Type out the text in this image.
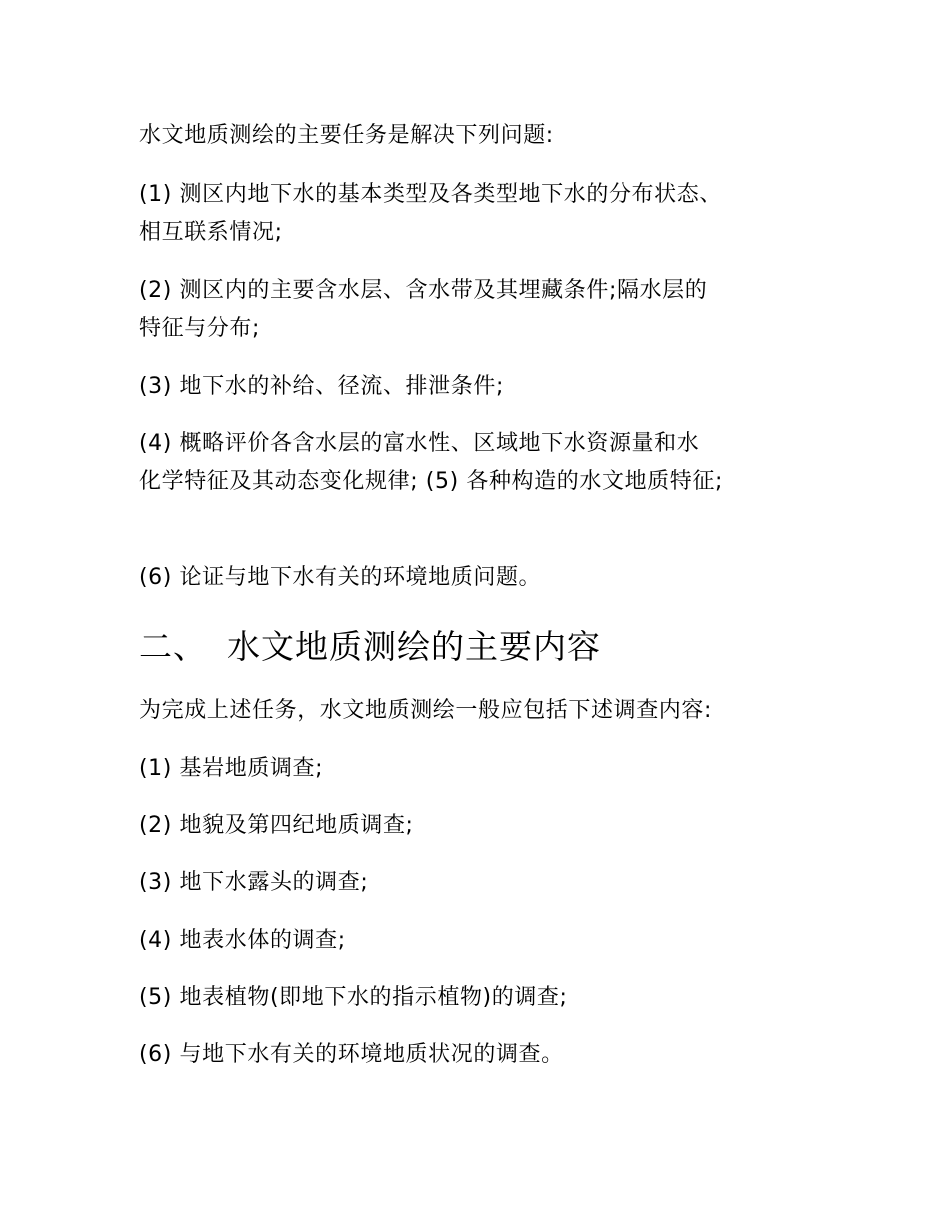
水文地质测绘的主要任务是解决下列问题:
(1) 测区内地下水的基本类型及各类型地下水的分布状态、
相互联系情况;
(2) 测区内的主要含水层、含水带及其埋藏条件;隔水层的
特征与分布;
(3) 地下水的补给、径流、排泄条件;
(4) 概略评价各含水层的富水性、区域地下水资源量和水
化学特征及其动态变化规律; (5) 各种构造的水文地质特征;
(6) 论证与地下水有关的环境地质问题。
二、 水文地质测绘的主要内容
为完成上述任务，水文地质测绘一般应包括下述调查内容:
(1) 基岩地质调查;
(2) 地貌及第四纪地质调查;
(3) 地下水露头的调查;
(4) 地表水体的调查;
(5) 地表植物(即地下水的指示植物)的调查;
(6) 与地下水有关的环境地质状况的调查。
